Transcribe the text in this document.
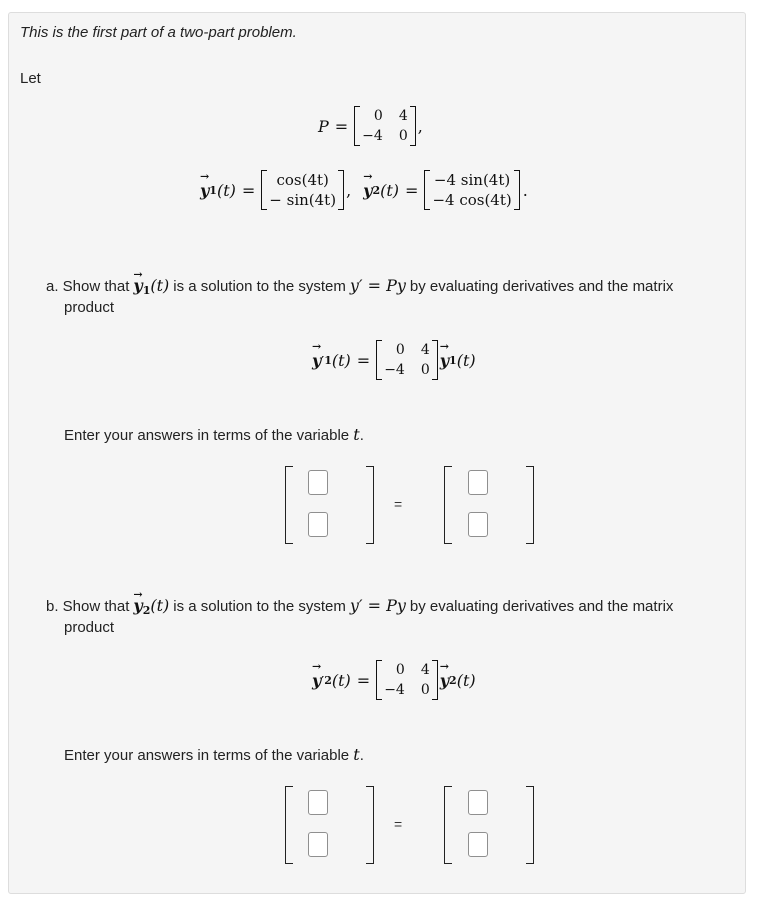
This is the first part of a two-part problem.
Let
P =
0 4
−4 0
,
→ y 1 (t) =
cos(4t)
− sin(4t)
, → y 2 (t) =
−4 sin(4t)
−4 cos(4t)
.
a. Show that → $y_1(t)$ is a solution to the system y′ = Py by evaluating derivatives and the matrix
product
→ y ′ 1 (t) =
0 4
−4 0
→ y 1 (t)
Enter your answers in terms of the variable t.
=
b. Show that → $y_2(t)$ is a solution to the system y′ = Py by evaluating derivatives and the matrix
product
→ y ′ 2 (t) =
0 4
−4 0
→ y 2 (t)
Enter your answers in terms of the variable t.
=
